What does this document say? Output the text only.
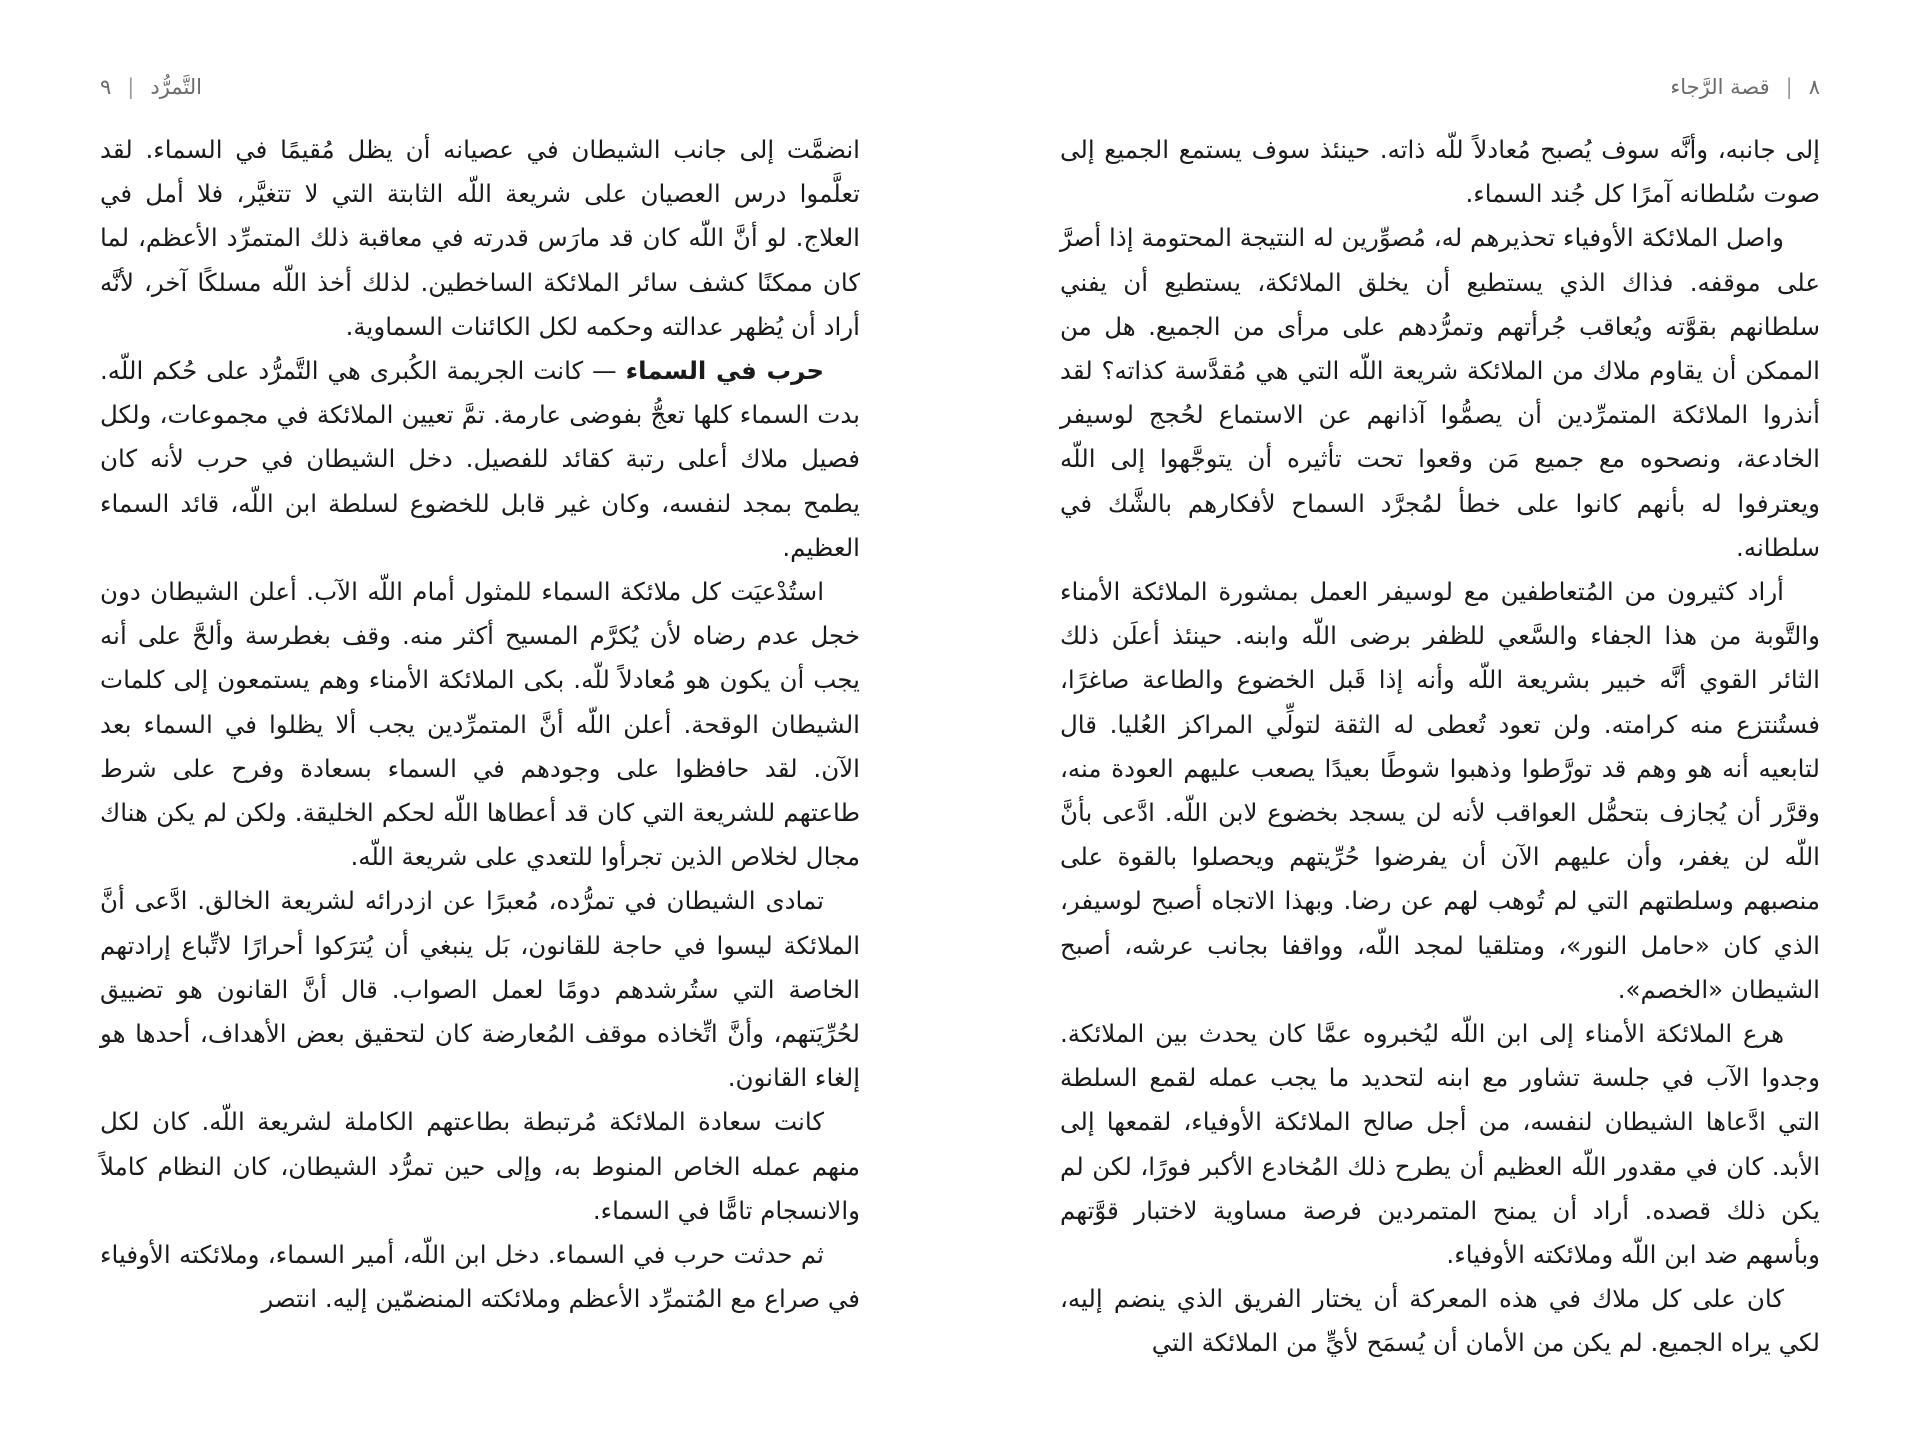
التَّمرُّد
|
٩

انضمَّت إلى جانب الشيطان في عصيانه أن يظل مُقيمًا في السماء. لقد تعلَّموا درس العصيان على شريعة اللّه الثابتة التي لا تتغيَّر، فلا أمل في العلاج. لو أنَّ اللّه كان قد مارَس قدرته في معاقبة ذلك المتمرِّد الأعظم، لما كان ممكنًا كشف سائر الملائكة الساخطين. لذلك أخذ اللّه مسلكًا آخر، لأنَّه أراد أن يُظهر عدالته وحكمه لكل الكائنات السماوية.

حرب في السماء — كانت الجريمة الكُبرى هي التَّمرُّد على حُكم اللّه. بدت السماء كلها تعجُّ بفوضى عارمة. تمَّ تعيين الملائكة في مجموعات، ولكل فصيل ملاك أعلى رتبة كقائد للفصيل. دخل الشيطان في حرب لأنه كان يطمح بمجد لنفسه، وكان غير قابل للخضوع لسلطة ابن اللّه، قائد السماء العظيم.

استُدْعيَت كل ملائكة السماء للمثول أمام اللّه الآب. أعلن الشيطان دون خجل عدم رضاه لأن يُكرَّم المسيح أكثر منه. وقف بغطرسة وألحَّ على أنه يجب أن يكون هو مُعادلاً للّه. بكى الملائكة الأمناء وهم يستمعون إلى كلمات الشيطان الوقحة. أعلن اللّه أنَّ المتمرِّدين يجب ألا يظلوا في السماء بعد الآن. لقد حافظوا على وجودهم في السماء بسعادة وفرح على شرط طاعتهم للشريعة التي كان قد أعطاها اللّه لحكم الخليقة. ولكن لم يكن هناك مجال لخلاص الذين تجرأوا للتعدي على شريعة اللّه.

تمادى الشيطان في تمرُّده، مُعبرًا عن ازدرائه لشريعة الخالق. ادَّعى أنَّ الملائكة ليسوا في حاجة للقانون، بَل ينبغي أن يُترَكوا أحرارًا لاتِّباع إرادتهم الخاصة التي ستُرشدهم دومًا لعمل الصواب. قال أنَّ القانون هو تضييق لحُرِّيَتهم، وأنَّ اتِّخاذه موقف المُعارضة كان لتحقيق بعض الأهداف، أحدها هو إلغاء القانون.

كانت سعادة الملائكة مُرتبطة بطاعتهم الكاملة لشريعة اللّه. كان لكل منهم عمله الخاص المنوط به، وإلى حين تمرُّد الشيطان، كان النظام كاملاً والانسجام تامًّا في السماء.

ثم حدثت حرب في السماء. دخل ابن اللّه، أمير السماء، وملائكته الأوفياء في صراع مع المُتمرِّد الأعظم وملائكته المنضمّين إليه. انتصر

٨
|
قصة الرَّجاء

إلى جانبه، وأنَّه سوف يُصبح مُعادلاً للّه ذاته. حينئذ سوف يستمع الجميع إلى صوت سُلطانه آمرًا كل جُند السماء.

واصل الملائكة الأوفياء تحذيرهم له، مُصوِّرين له النتيجة المحتومة إذا أصرَّ على موقفه. فذاك الذي يستطيع أن يخلق الملائكة، يستطيع أن يفني سلطانهم بقوَّته ويُعاقب جُرأتهم وتمرُّدهم على مرأى من الجميع. هل من الممكن أن يقاوم ملاك من الملائكة شريعة اللّه التي هي مُقدَّسة كذاته؟ لقد أنذروا الملائكة المتمرِّدين أن يصمُّوا آذانهم عن الاستماع لحُجج لوسيفر الخادعة، ونصحوه مع جميع مَن وقعوا تحت تأثيره أن يتوجَّهوا إلى اللّه ويعترفوا له بأنهم كانوا على خطأ لمُجرَّد السماح لأفكارهم بالشَّك في سلطانه.

أراد كثيرون من المُتعاطفين مع لوسيفر العمل بمشورة الملائكة الأمناء والتَّوبة من هذا الجفاء والسَّعي للظفر برضى اللّه وابنه. حينئذ أعلَن ذلك الثائر القوي أنَّه خبير بشريعة اللّه وأنه إذا قَبل الخضوع والطاعة صاغرًا، فستُنتزع منه كرامته. ولن تعود تُعطى له الثقة لتولِّي المراكز العُليا. قال لتابعيه أنه هو وهم قد تورَّطوا وذهبوا شوطًا بعيدًا يصعب عليهم العودة منه، وقرَّر أن يُجازف بتحمُّل العواقب لأنه لن يسجد بخضوع لابن اللّه. ادَّعى بأنَّ اللّه لن يغفر، وأن عليهم الآن أن يفرضوا حُرِّيتهم ويحصلوا بالقوة على منصبهم وسلطتهم التي لم تُوهب لهم عن رضا. وبهذا الاتجاه أصبح لوسيفر، الذي كان «حامل النور»، ومتلقيا لمجد اللّه، وواقفا بجانب عرشه، أصبح الشيطان «الخصم».

هرع الملائكة الأمناء إلى ابن اللّه ليُخبروه عمَّا كان يحدث بين الملائكة. وجدوا الآب في جلسة تشاور مع ابنه لتحديد ما يجب عمله لقمع السلطة التي ادَّعاها الشيطان لنفسه، من أجل صالح الملائكة الأوفياء، لقمعها إلى الأبد. كان في مقدور اللّه العظيم أن يطرح ذلك المُخادع الأكبر فورًا، لكن لم يكن ذلك قصده. أراد أن يمنح المتمردين فرصة مساوية لاختبار قوَّتهم وبأسهم ضد ابن اللّه وملائكته الأوفياء.

كان على كل ملاك في هذه المعركة أن يختار الفريق الذي ينضم إليه، لكي يراه الجميع. لم يكن من الأمان أن يُسمَح لأيٍّ من الملائكة التي
